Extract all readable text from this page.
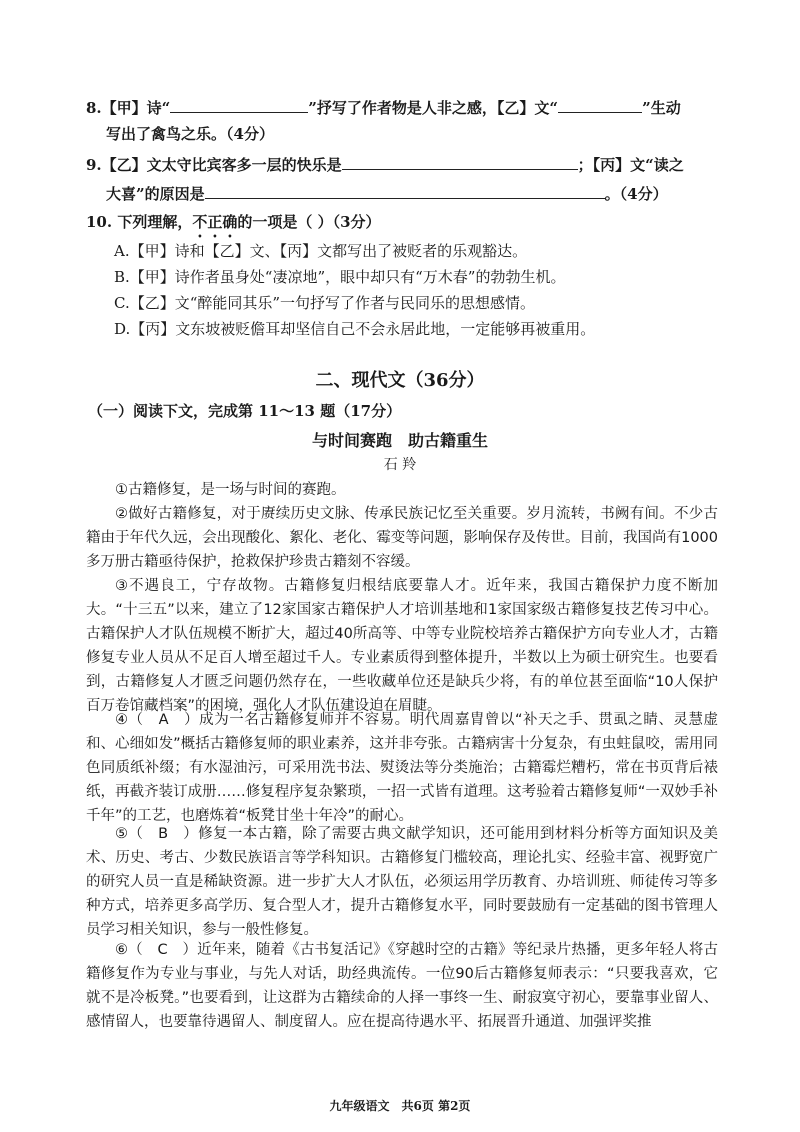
8.【甲】诗“	”抒写了作者物是人非之感，【乙】文“	”生动
写出了禽鸟之乐。（4分）
9.【乙】文太守比宾客多一层的快乐是	；【丙】文“读之
大喜”的原因是	。（4分）
10. 下列理解，不正确的一项是（ ）（3分）
A.【甲】诗和【乙】文、【丙】文都写出了被贬者的乐观豁达。
B.【甲】诗作者虽身处“凄凉地”，眼中却只有“万木春”的勃勃生机。
C.【乙】文“醉能同其乐”一句抒写了作者与民同乐的思想感情。
D.【丙】文东坡被贬儋耳却坚信自己不会永居此地，一定能够再被重用。
二、现代文（36分）
（一）阅读下文，完成第 11～13 题（17分）
与时间赛跑　助古籍重生
石 羚
①古籍修复，是一场与时间的赛跑。
②做好古籍修复，对于赓续历史文脉、传承民族记忆至关重要。岁月流转，书阙有间。不少古籍由于年代久远，会出现酸化、絮化、老化、霉变等问题，影响保存及传世。目前，我国尚有1000多万册古籍亟待保护，抢救保护珍贵古籍刻不容缓。
③不遇良工，宁存故物。古籍修复归根结底要靠人才。近年来，我国古籍保护力度不断加大。“十三五”以来，建立了12家国家古籍保护人才培训基地和1家国家级古籍修复技艺传习中心。古籍保护人才队伍规模不断扩大，超过40所高等、中等专业院校培养古籍保护方向专业人才，古籍修复专业人员从不足百人增至超过千人。专业素质得到整体提升，半数以上为硕士研究生。也要看到，古籍修复人才匮乏问题仍然存在，一些收藏单位还是缺兵少将，有的单位甚至面临“10人保护百万卷馆藏档案”的困境，强化人才队伍建设迫在眉睫。
④（　A　）成为一名古籍修复师并不容易。明代周嘉胄曾以“补天之手、贯虱之睛、灵慧虚和、心细如发”概括古籍修复师的职业素养，这并非夸张。古籍病害十分复杂，有虫蛀鼠咬，需用同色同质纸补缀；有水湿油污，可采用洗书法、熨烫法等分类施治；古籍霉烂糟朽，常在书页背后裱纸，再截齐装订成册……修复程序复杂繁琐，一招一式皆有道理。这考验着古籍修复师“一双妙手补千年”的工艺，也磨炼着“板凳甘坐十年冷”的耐心。
⑤（　B　）修复一本古籍，除了需要古典文献学知识，还可能用到材料分析等方面知识及美术、历史、考古、少数民族语言等学科知识。古籍修复门槛较高，理论扎实、经验丰富、视野宽广的研究人员一直是稀缺资源。进一步扩大人才队伍，必须运用学历教育、办培训班、师徒传习等多种方式，培养更多高学历、复合型人才，提升古籍修复水平，同时要鼓励有一定基础的图书管理人员学习相关知识，参与一般性修复。
⑥（　C　）近年来，随着《古书复活记》《穿越时空的古籍》等纪录片热播，更多年轻人将古籍修复作为专业与事业，与先人对话，助经典流传。一位90后古籍修复师表示：“只要我喜欢，它就不是冷板凳。”也要看到，让这群为古籍续命的人择一事终一生、耐寂寞守初心，要靠事业留人、感情留人，也要靠待遇留人、制度留人。应在提高待遇水平、拓展晋升通道、加强评奖推
九年级语文　共6页 第2页
